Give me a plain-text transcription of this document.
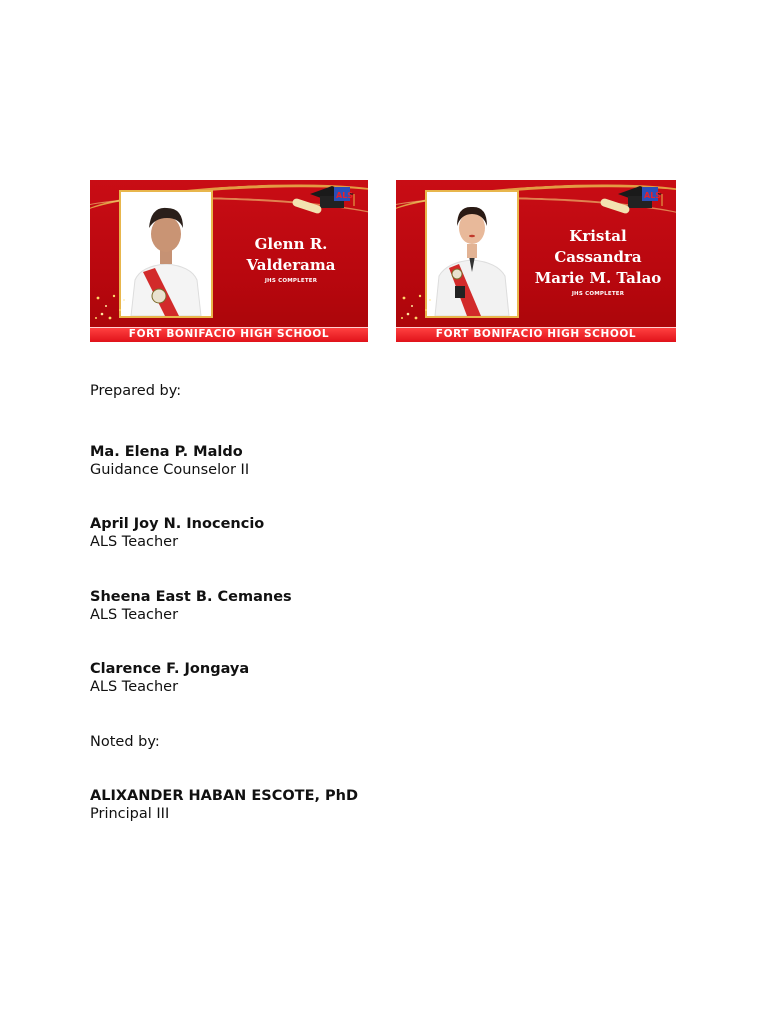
ALS
Glenn R.
Valderama
JHS COMPLETER
FORT BONIFACIO HIGH SCHOOL
ALS
Kristal
Cassandra
Marie M. Talao
JHS COMPLETER
FORT BONIFACIO HIGH SCHOOL
Prepared by:
Ma. Elena P. Maldo
Guidance Counselor II
April Joy N. Inocencio
ALS Teacher
Sheena East B. Cemanes
ALS Teacher
Clarence F. Jongaya
ALS Teacher
Noted by:
ALIXANDER HABAN ESCOTE, PhD
Principal III
